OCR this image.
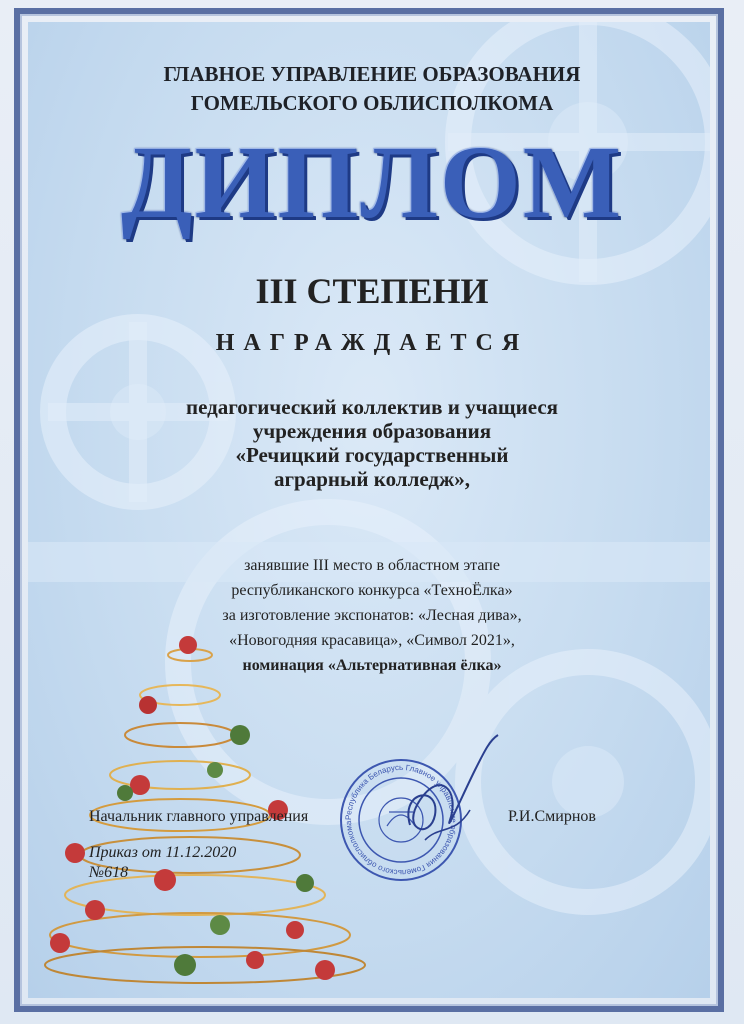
ГЛАВНОЕ УПРАВЛЕНИЕ ОБРАЗОВАНИЯ
ГОМЕЛЬСКОГО ОБЛИСПОЛКОМА
ДИПЛОМ
III СТЕПЕНИ
НАГРАЖДАЕТСЯ
педагогический коллектив и учащиеся
учреждения образования
«Речицкий государственный
аграрный колледж»,
занявшие III место в областном этапе
республиканского конкурса «ТехноЁлка»
за изготовление экспонатов: «Лесная дива»,
«Новогодняя красавица», «Символ 2021»,
номинация «Альтернативная ёлка»
Начальник главного управления	Р.И.Смирнов
Республика Беларусь Главное управление образования Гомельского облисполкома
Приказ от 11.12.2020
№618
